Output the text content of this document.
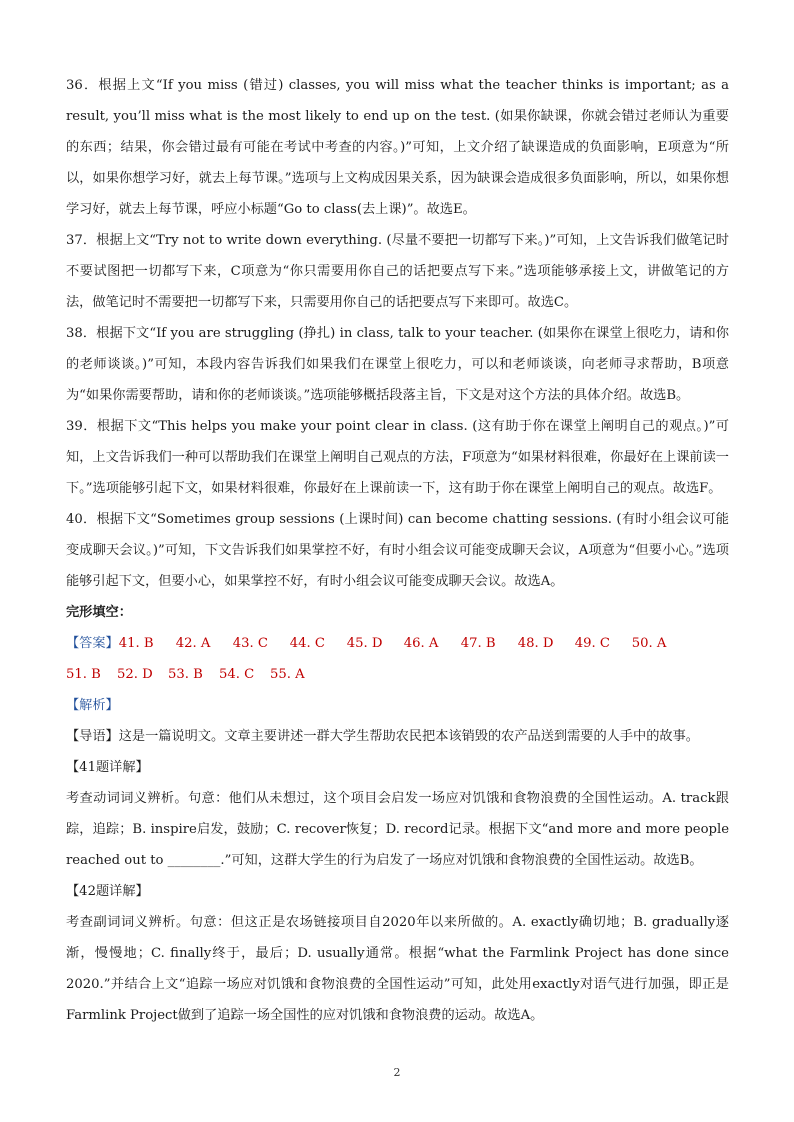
36．根据上文“If you miss (错过) classes, you will miss what the teacher thinks is important; as a result, you’ll miss what is the most likely to end up on the test. (如果你缺课，你就会错过老师认为重要的东西；结果，你会错过最有可能在考试中考查的内容。)”可知，上文介绍了缺课造成的负面影响，E项意为“所以，如果你想学习好，就去上每节课。”选项与上文构成因果关系，因为缺课会造成很多负面影响，所以，如果你想学习好，就去上每节课，呼应小标题“Go to class(去上课)”。故选E。

37．根据上文“Try not to write down everything. (尽量不要把一切都写下来。)”可知，上文告诉我们做笔记时不要试图把一切都写下来，C项意为“你只需要用你自己的话把要点写下来。”选项能够承接上文，讲做笔记的方法，做笔记时不需要把一切都写下来，只需要用你自己的话把要点写下来即可。故选C。

38．根据下文“If you are struggling (挣扎) in class, talk to your teacher. (如果你在课堂上很吃力，请和你的老师谈谈。)”可知，本段内容告诉我们如果我们在课堂上很吃力，可以和老师谈谈，向老师寻求帮助，B项意为“如果你需要帮助，请和你的老师谈谈。”选项能够概括段落主旨，下文是对这个方法的具体介绍。故选B。

39．根据下文“This helps you make your point clear in class. (这有助于你在课堂上阐明自己的观点。)”可知，上文告诉我们一种可以帮助我们在课堂上阐明自己观点的方法，F项意为“如果材料很难，你最好在上课前读一下。”选项能够引起下文，如果材料很难，你最好在上课前读一下，这有助于你在课堂上阐明自己的观点。故选F。

40．根据下文“Sometimes group sessions (上课时间) can become chatting sessions. (有时小组会议可能变成聊天会议。)”可知，下文告诉我们如果掌控不好，有时小组会议可能变成聊天会议，A项意为“但要小心。”选项能够引起下文，但要小心，如果掌控不好，有时小组会议可能变成聊天会议。故选A。

完形填空：

【答案】41. B 42. A 43. C 44. C 45. D 46. A 47. B 48. D 49. C 50. A

51. B 52. D 53. B 54. C 55. A

【解析】

【导语】这是一篇说明文。文章主要讲述一群大学生帮助农民把本该销毁的农产品送到需要的人手中的故事。

【41题详解】

考查动词词义辨析。句意：他们从未想过，这个项目会启发一场应对饥饿和食物浪费的全国性运动。A. track跟踪，追踪；B. inspire启发，鼓励；C. recover恢复；D. record记录。根据下文“and more and more people reached out to ________.”可知，这群大学生的行为启发了一场应对饥饿和食物浪费的全国性运动。故选B。

【42题详解】

考查副词词义辨析。句意：但这正是农场链接项目自2020年以来所做的。A. exactly确切地；B. gradually逐渐，慢慢地；C. finally终于，最后；D. usually通常。根据“what the Farmlink Project has done since 2020.”并结合上文“追踪一场应对饥饿和食物浪费的全国性运动”可知，此处用exactly对语气进行加强，即正是Farmlink Project做到了追踪一场全国性的应对饥饿和食物浪费的运动。故选A。

2
